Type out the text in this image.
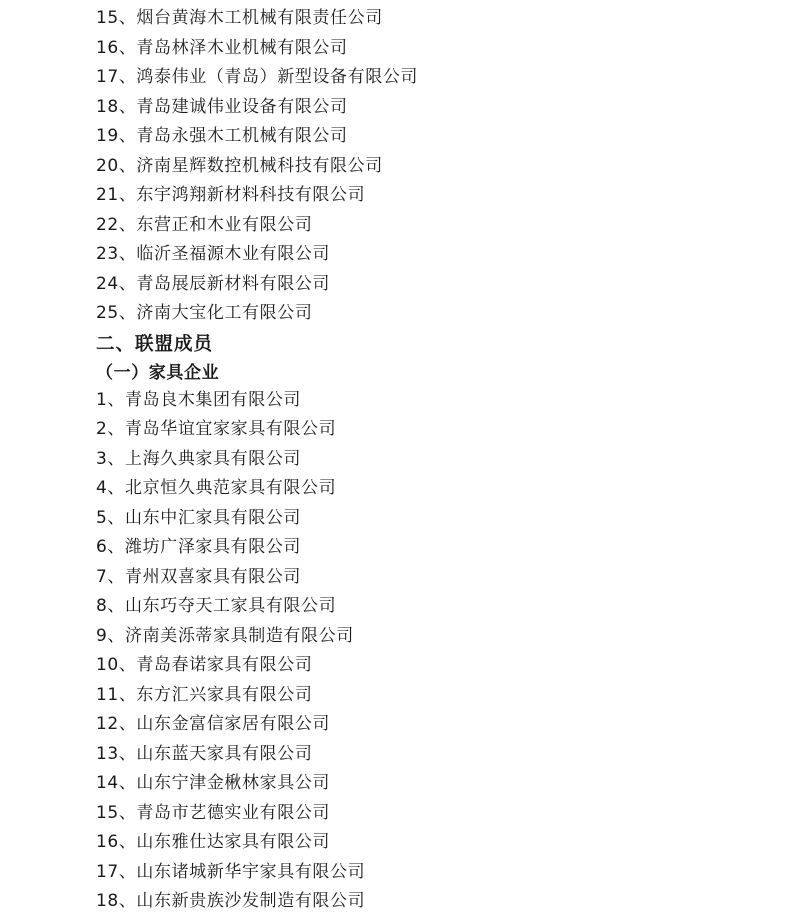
15、烟台黄海木工机械有限责任公司
16、青岛林泽木业机械有限公司
17、鸿泰伟业（青岛）新型设备有限公司
18、青岛建诚伟业设备有限公司
19、青岛永强木工机械有限公司
20、济南星辉数控机械科技有限公司
21、东宇鸿翔新材料科技有限公司
22、东营正和木业有限公司
23、临沂圣福源木业有限公司
24、青岛展辰新材料有限公司
25、济南大宝化工有限公司
二、联盟成员
（一）家具企业
1、青岛良木集团有限公司
2、青岛华谊宜家家具有限公司
3、上海久典家具有限公司
4、北京恒久典范家具有限公司
5、山东中汇家具有限公司
6、潍坊广泽家具有限公司
7、青州双喜家具有限公司
8、山东巧夺天工家具有限公司
9、济南美泺蒂家具制造有限公司
10、青岛春诺家具有限公司
11、东方汇兴家具有限公司
12、山东金富信家居有限公司
13、山东蓝天家具有限公司
14、山东宁津金楸林家具公司
15、青岛市艺德实业有限公司
16、山东雅仕达家具有限公司
17、山东诸城新华宇家具有限公司
18、山东新贵族沙发制造有限公司
